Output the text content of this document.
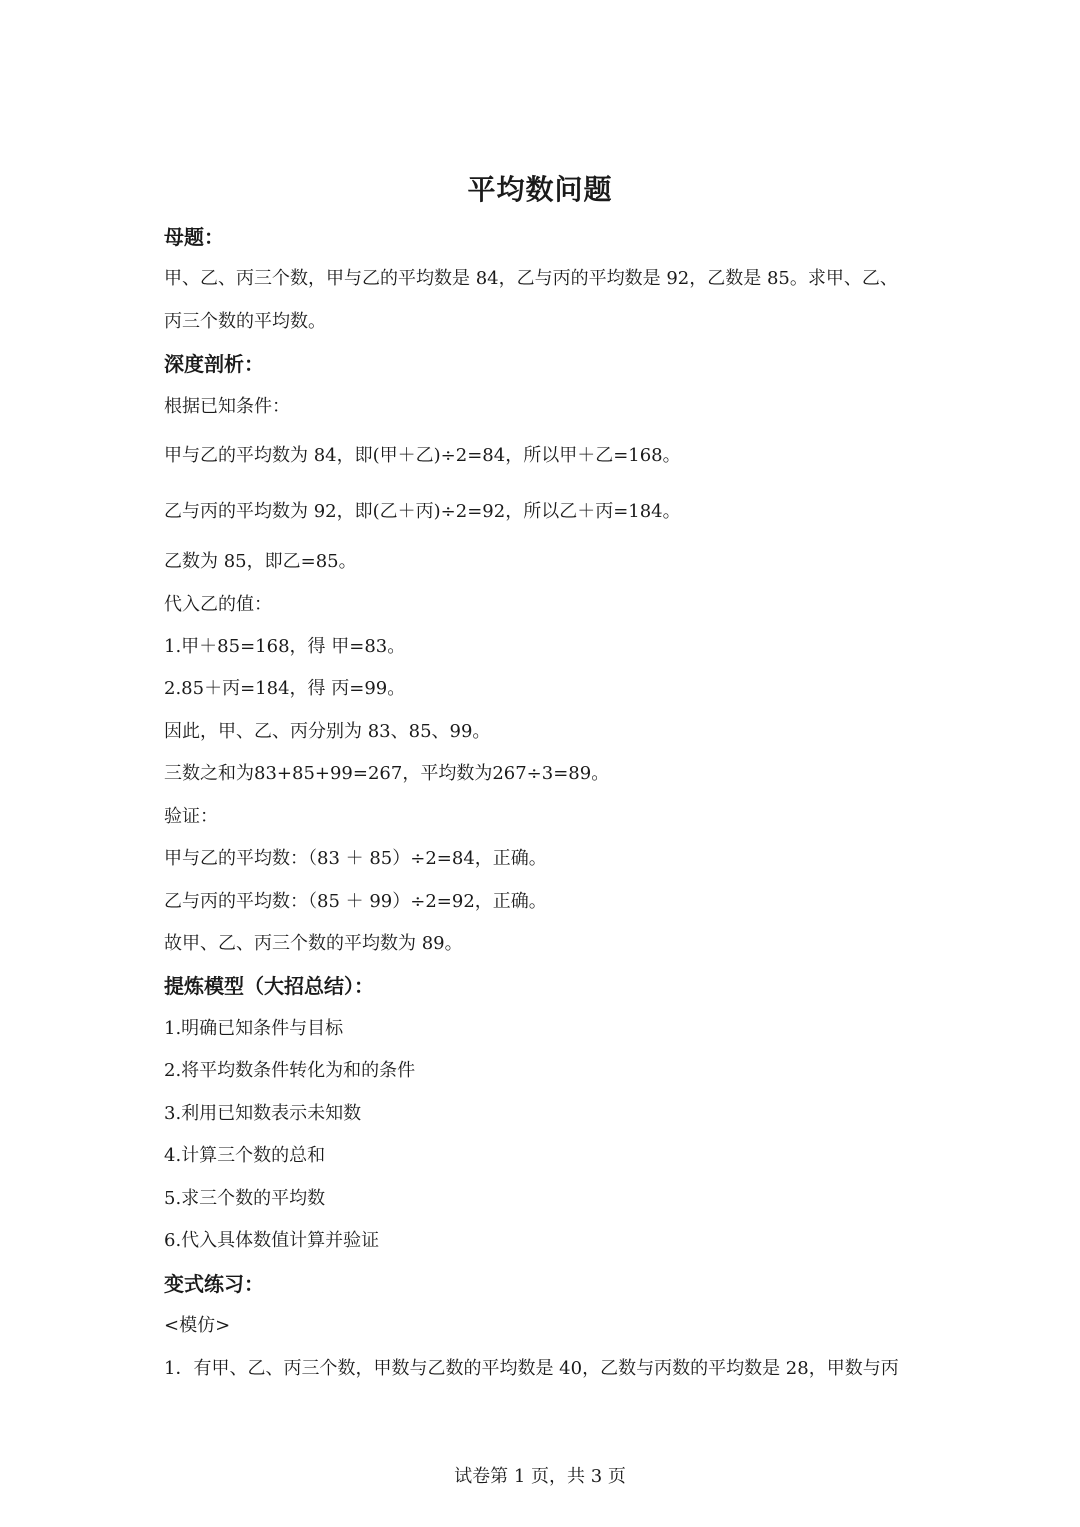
平均数问题
母题：
甲、乙、丙三个数，甲与乙的平均数是 84，乙与丙的平均数是 92，乙数是 85。求甲、乙、
丙三个数的平均数。
深度剖析：
根据已知条件：
甲与乙的平均数为 84，即(甲＋乙)÷2=84，所以甲＋乙=168。
乙与丙的平均数为 92，即(乙＋丙)÷2=92，所以乙＋丙=184。
乙数为 85，即乙=85。
代入乙的值：
1.甲＋85=168，得 甲=83。
2.85＋丙=184，得 丙=99。
因此，甲、乙、丙分别为 83、85、99。
三数之和为83+85+99=267，平均数为267÷3=89。
验证：
甲与乙的平均数：（83 ＋ 85）÷2=84，正确。
乙与丙的平均数：（85 ＋ 99）÷2=92，正确。
故甲、乙、丙三个数的平均数为 89。
提炼模型（大招总结）：
1.明确已知条件与目标
2.将平均数条件转化为和的条件
3.利用已知数表示未知数
4.计算三个数的总和
5.求三个数的平均数
6.代入具体数值计算并验证
变式练习：
<模仿>
1．有甲、乙、丙三个数，甲数与乙数的平均数是 40，乙数与丙数的平均数是 28，甲数与丙
试卷第 1 页，共 3 页
